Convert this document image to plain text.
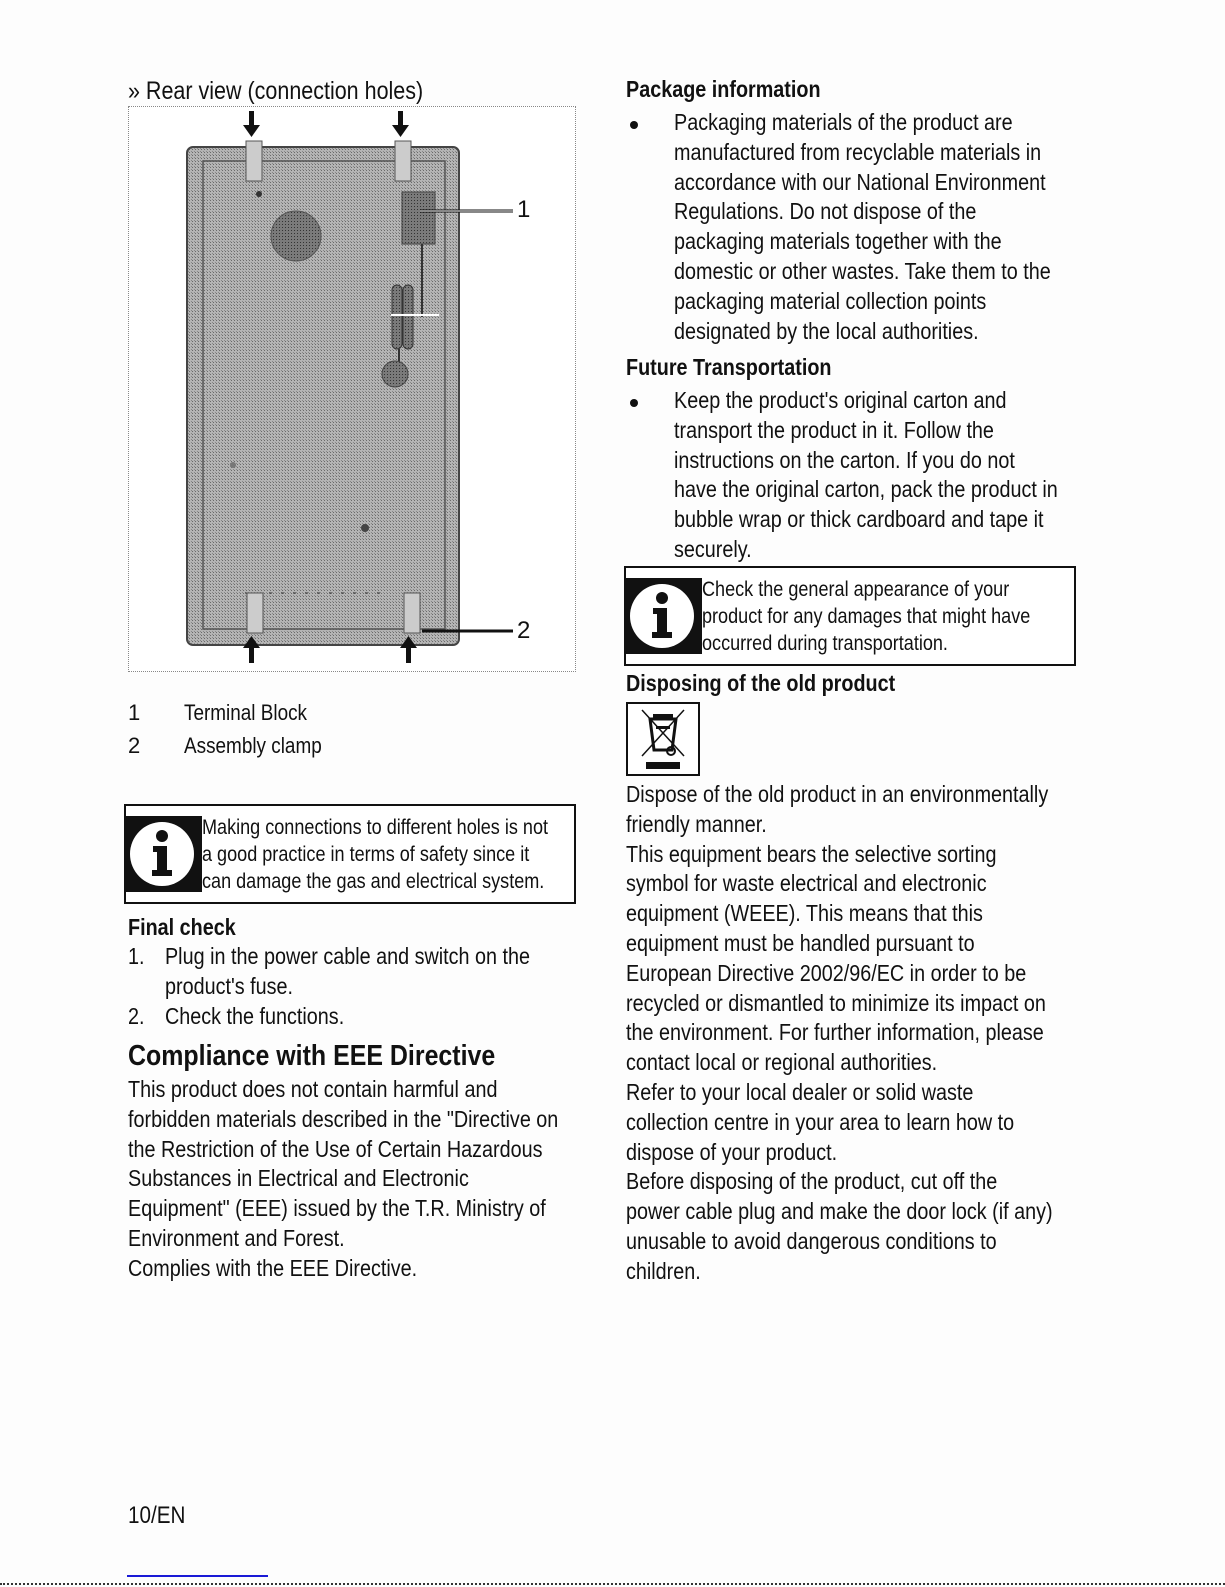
» Rear view (connection holes)

1
2
1	Terminal Block
2	Assembly clamp
Making connections to different holes is not
a good practice in terms of safety since it
can damage the gas and electrical system.

Final check

1. Plug in the power cable and switch on the
product's fuse.
2. Check the functions.

Compliance with EEE Directive

This product does not contain harmful and
forbidden materials described in the "Directive on
the Restriction of the Use of Certain Hazardous
Substances in Electrical and Electronic
Equipment" (EEE) issued by the T.R. Ministry of
Environment and Forest.
Complies with the EEE Directive.

Package information

Packaging materials of the product are
manufactured from recyclable materials in
accordance with our National Environment
Regulations. Do not dispose of the
packaging materials together with the
domestic or other wastes. Take them to the
packaging material collection points
designated by the local authorities.

Future Transportation

Keep the product's original carton and
transport the product in it. Follow the
instructions on the carton. If you do not
have the original carton, pack the product in
bubble wrap or thick cardboard and tape it
securely.
Check the general appearance of your
product for any damages that might have
occurred during transportation.

Disposing of the old product

Dispose of the old product in an environmentally
friendly manner.
This equipment bears the selective sorting
symbol for waste electrical and electronic
equipment (WEEE). This means that this
equipment must be handled pursuant to
European Directive 2002/96/EC in order to be
recycled or dismantled to minimize its impact on
the environment. For further information, please
contact local or regional authorities.
Refer to your local dealer or solid waste
collection centre in your area to learn how to
dispose of your product.
Before disposing of the product, cut off the
power cable plug and make the door lock (if any)
unusable to avoid dangerous conditions to
children.
10/EN
